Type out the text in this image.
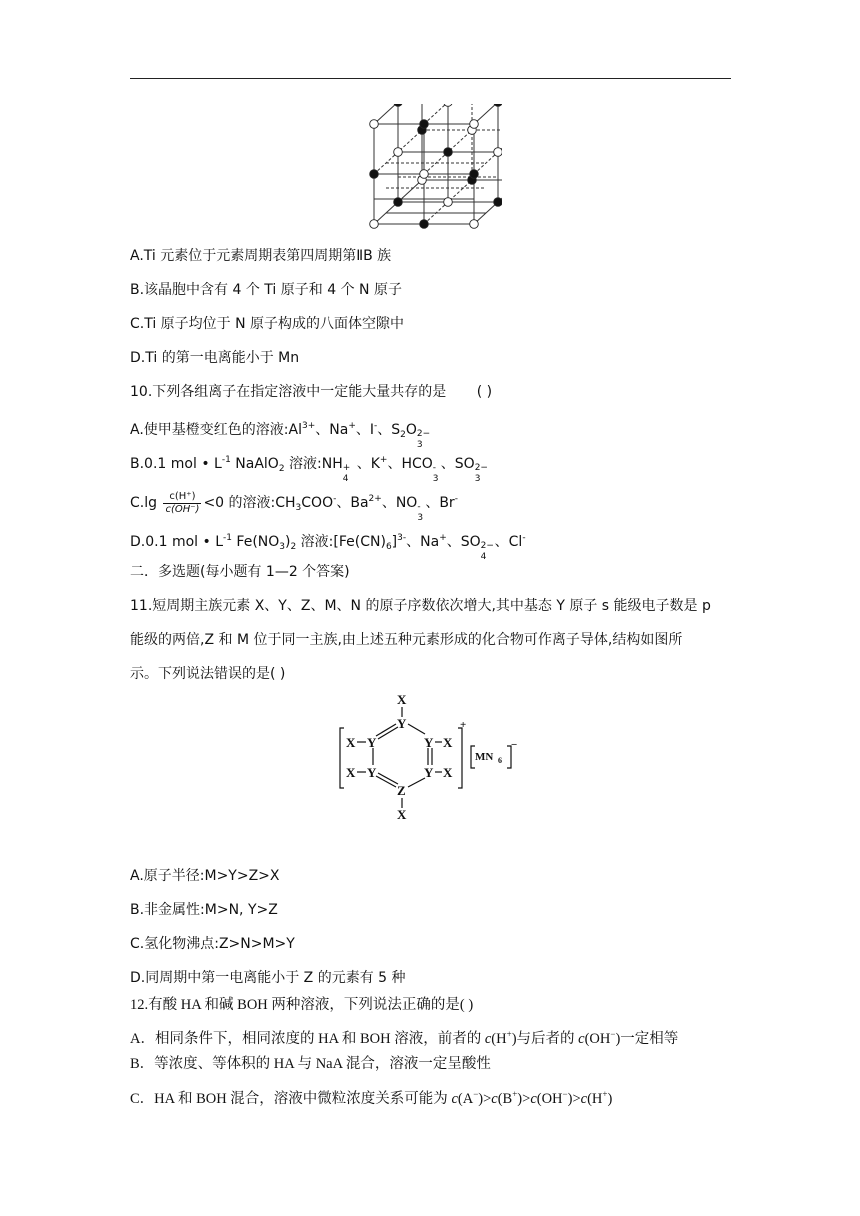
A.Ti 元素位于元素周期表第四周期第ⅡB 族
B.该晶胞中含有 4 个 Ti 原子和 4 个 N 原子
C.Ti 原子均位于 N 原子构成的八面体空隙中
D.Ti 的第一电离能小于 Mn
10.下列各组离子在指定溶液中一定能大量共存的是 ( )
A.使甲基橙变红色的溶液$:Al^{3+}$、Na+、I-、$S_2O$ 2−
3
B.0.1 mol • $L^{-1}$ NaAlO$_2$ 溶液:NH +
4
、K+、HCO -
3
、SO 2−
3
$C.\lg \frac{c(H^+)}{c(OH^-)} <0$ 的溶液$:CH_3COO^-$、$Ba^{2+}$、NO -
3
、Br-
D.0.1 mol • $L^{-1}$ $Fe(NO_3)_2$ 溶液$:[Fe(CN)_6]^{3-}$、Na+、SO 2−
4
、Cl-
二．多选题(每小题有 1—2 个答案)
11.短周期主族元素 X、Y、Z、M、N 的原子序数依次增大,其中基态 Y 原子 s 能级电子数是 p
能级的两倍,Z 和 M 位于同一主族,由上述五种元素形成的化合物可作离子导体,结构如图所
示。下列说法错误的是( )
X
Y
X Y
X Y
Y X
Y X
Z
X
+
MN 6
−
A.原子半径:M>Y>Z>X
B.非金属性:M>N, Y>Z
C.氢化物沸点:Z>N>M>Y
D.同周期中第一电离能小于 Z 的元素有 5 种
12.有酸 HA 和碱 BOH 两种溶液，下列说法正确的是( )
A．相同条件下，相同浓度的 HA 和 BOH 溶液，前者的 c(H+)与后者的 c(OH−)一定相等
B．等浓度、等体积的 HA 与 NaA 混合，溶液一定呈酸性
C．HA 和 BOH 混合，溶液中微粒浓度关系可能为 c(A−)>c(B+)>c(OH−)>c(H+)
